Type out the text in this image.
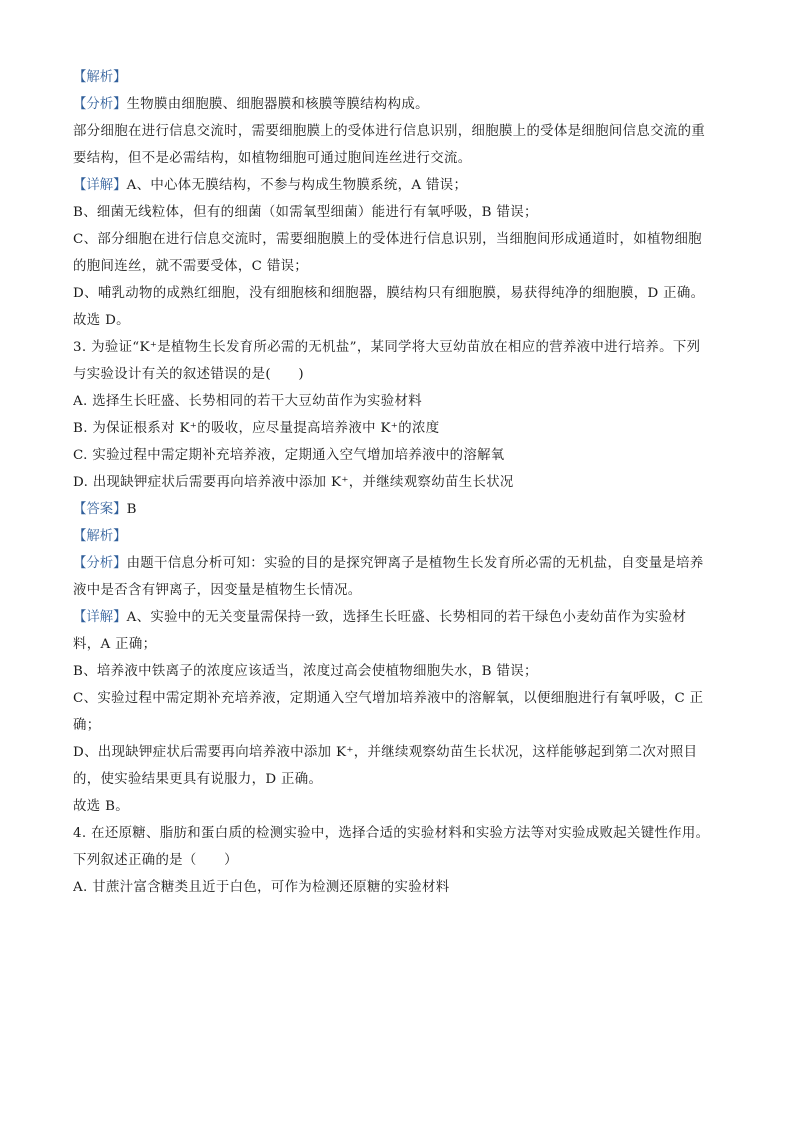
【解析】
【分析】生物膜由细胞膜、细胞器膜和核膜等膜结构构成。
部分细胞在进行信息交流时，需要细胞膜上的受体进行信息识别，细胞膜上的受体是细胞间信息交流的重
要结构，但不是必需结构，如植物细胞可通过胞间连丝进行交流。
【详解】A、中心体无膜结构，不参与构成生物膜系统，A 错误；
B、细菌无线粒体，但有的细菌（如需氧型细菌）能进行有氧呼吸，B 错误；
C、部分细胞在进行信息交流时，需要细胞膜上的受体进行信息识别，当细胞间形成通道时，如植物细胞
的胞间连丝，就不需要受体，C 错误；
D、哺乳动物的成熟红细胞，没有细胞核和细胞器，膜结构只有细胞膜，易获得纯净的细胞膜，D 正确。
故选 D。
3. 为验证“K⁺是植物生长发育所必需的无机盐”，某同学将大豆幼苗放在相应的营养液中进行培养。下列
与实验设计有关的叙述错误的是(　　)
A. 选择生长旺盛、长势相同的若干大豆幼苗作为实验材料
B. 为保证根系对 K⁺的吸收，应尽量提高培养液中 K⁺的浓度
C. 实验过程中需定期补充培养液，定期通入空气增加培养液中的溶解氧
D. 出现缺钾症状后需要再向培养液中添加 K⁺，并继续观察幼苗生长状况
【答案】B
【解析】
【分析】由题干信息分析可知：实验的目的是探究钾离子是植物生长发育所必需的无机盐，自变量是培养
液中是否含有钾离子，因变量是植物生长情况。
【详解】A、实验中的无关变量需保持一致，选择生长旺盛、长势相同的若干绿色小麦幼苗作为实验材
料，A 正确；
B、培养液中铁离子的浓度应该适当，浓度过高会使植物细胞失水，B 错误；
C、实验过程中需定期补充培养液，定期通入空气增加培养液中的溶解氧，以便细胞进行有氧呼吸，C 正
确；
D、出现缺钾症状后需要再向培养液中添加 K⁺，并继续观察幼苗生长状况，这样能够起到第二次对照目
的，使实验结果更具有说服力，D 正确。
故选 B。
4. 在还原糖、脂肪和蛋白质的检测实验中，选择合适的实验材料和实验方法等对实验成败起关键性作用。
下列叙述正确的是（　　）
A. 甘蔗汁富含糖类且近于白色，可作为检测还原糖的实验材料
